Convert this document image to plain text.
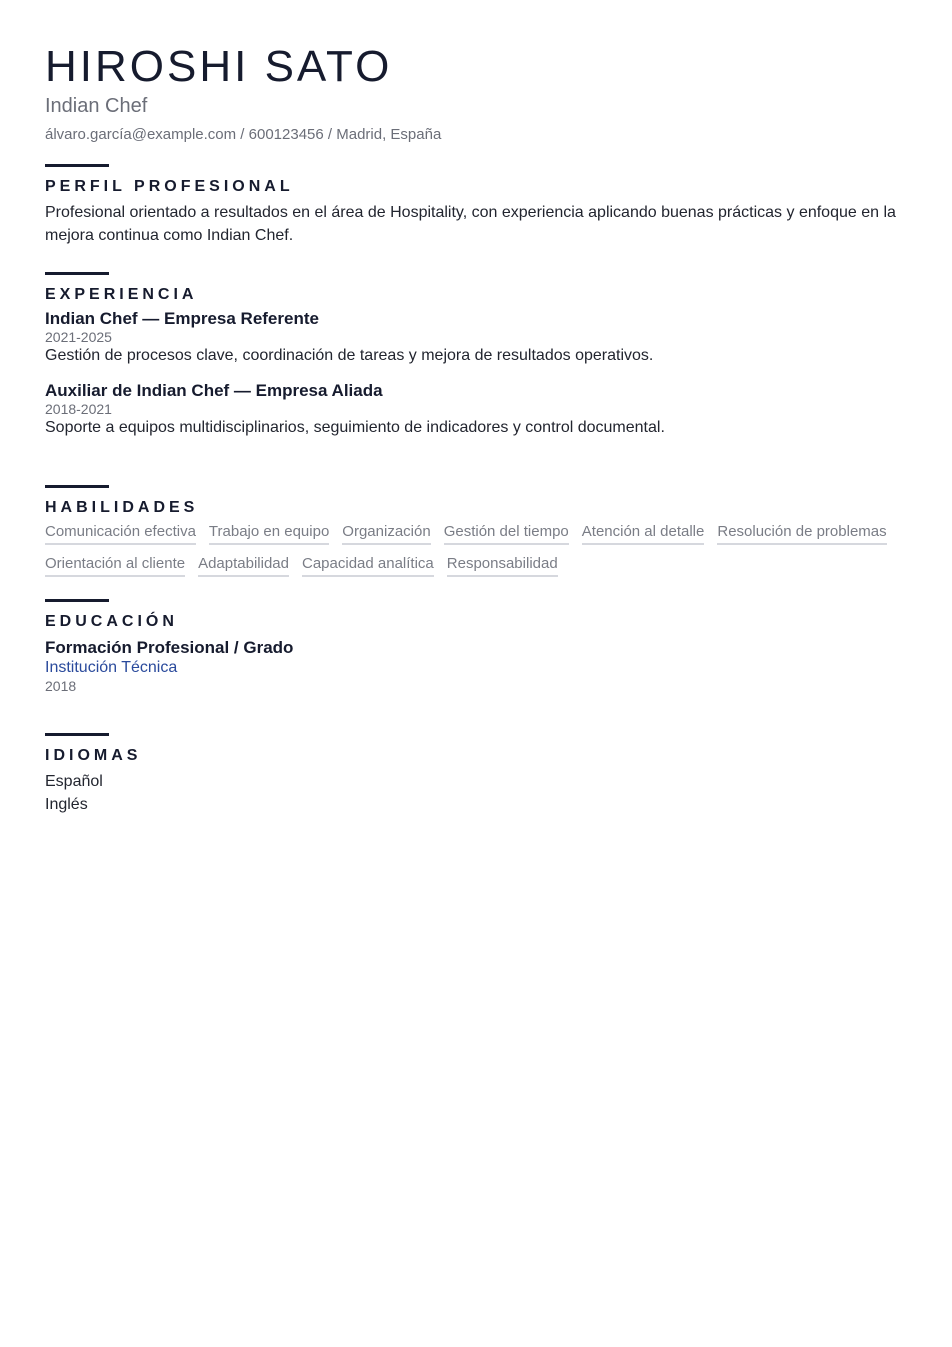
HIROSHI SATO
Indian Chef
álvaro.garcía@example.com / 600123456 / Madrid, España
PERFIL PROFESIONAL

Profesional orientado a resultados en el área de Hospitality, con experiencia aplicando buenas prácticas y enfoque en la mejora continua como Indian Chef.

EXPERIENCIA
Indian Chef — Empresa Referente
2021-2025
Gestión de procesos clave, coordinación de tareas y mejora de resultados operativos.
Auxiliar de Indian Chef — Empresa Aliada
2018-2021
Soporte a equipos multidisciplinarios, seguimiento de indicadores y control documental.
HABILIDADES
Comunicación efectiva Trabajo en equipo Organización Gestión del tiempo Atención al detalle Resolución de problemas
Orientación al cliente Adaptabilidad Capacidad analítica Responsabilidad
EDUCACIÓN
Formación Profesional / Grado
Institución Técnica
2018
IDIOMAS
Español
Inglés
